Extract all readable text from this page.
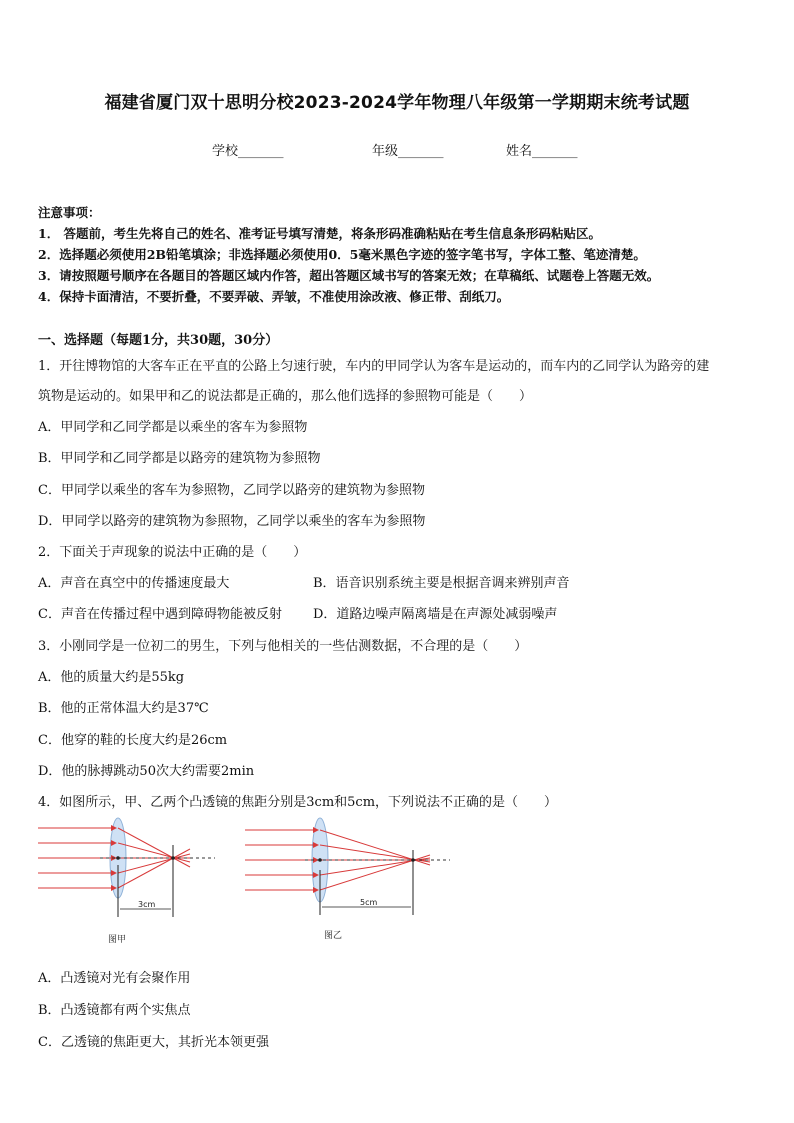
福建省厦门双十思明分校2023-2024学年物理八年级第一学期期末统考试题
学校_______	年级_______	姓名_______
注意事项：
1． 答题前，考生先将自己的姓名、准考证号填写清楚，将条形码准确粘贴在考生信息条形码粘贴区。
2．选择题必须使用2B铅笔填涂；非选择题必须使用0．5毫米黑色字迹的签字笔书写，字体工整、笔迹清楚。
3．请按照题号顺序在各题目的答题区域内作答，超出答题区域书写的答案无效；在草稿纸、试题卷上答题无效。
4．保持卡面清洁，不要折叠，不要弄破、弄皱，不准使用涂改液、修正带、刮纸刀。
一、选择题（每题1分，共30题，30分）
1．开往博物馆的大客车正在平直的公路上匀速行驶，车内的甲同学认为客车是运动的，而车内的乙同学认为路旁的建
筑物是运动的。如果甲和乙的说法都是正确的，那么他们选择的参照物可能是（　　）
A．甲同学和乙同学都是以乘坐的客车为参照物
B．甲同学和乙同学都是以路旁的建筑物为参照物
C．甲同学以乘坐的客车为参照物，乙同学以路旁的建筑物为参照物
D．甲同学以路旁的建筑物为参照物，乙同学以乘坐的客车为参照物
2．下面关于声现象的说法中正确的是（　　）
A．声音在真空中的传播速度最大	B．语音识别系统主要是根据音调来辨别声音
C．声音在传播过程中遇到障碍物能被反射 D．道路边噪声隔离墙是在声源处减弱噪声
3．小刚同学是一位初二的男生，下列与他相关的一些估测数据，不合理的是（　　）
A．他的质量大约是55kg
B．他的正常体温大约是37℃
C．他穿的鞋的长度大约是26cm
D．他的脉搏跳动50次大约需要2min
4．如图所示，甲、乙两个凸透镜的焦距分别是3cm和5cm，下列说法不正确的是（　　）
3cm
图甲
5cm
图乙
A．凸透镜对光有会聚作用
B．凸透镜都有两个实焦点
C．乙透镜的焦距更大，其折光本领更强
